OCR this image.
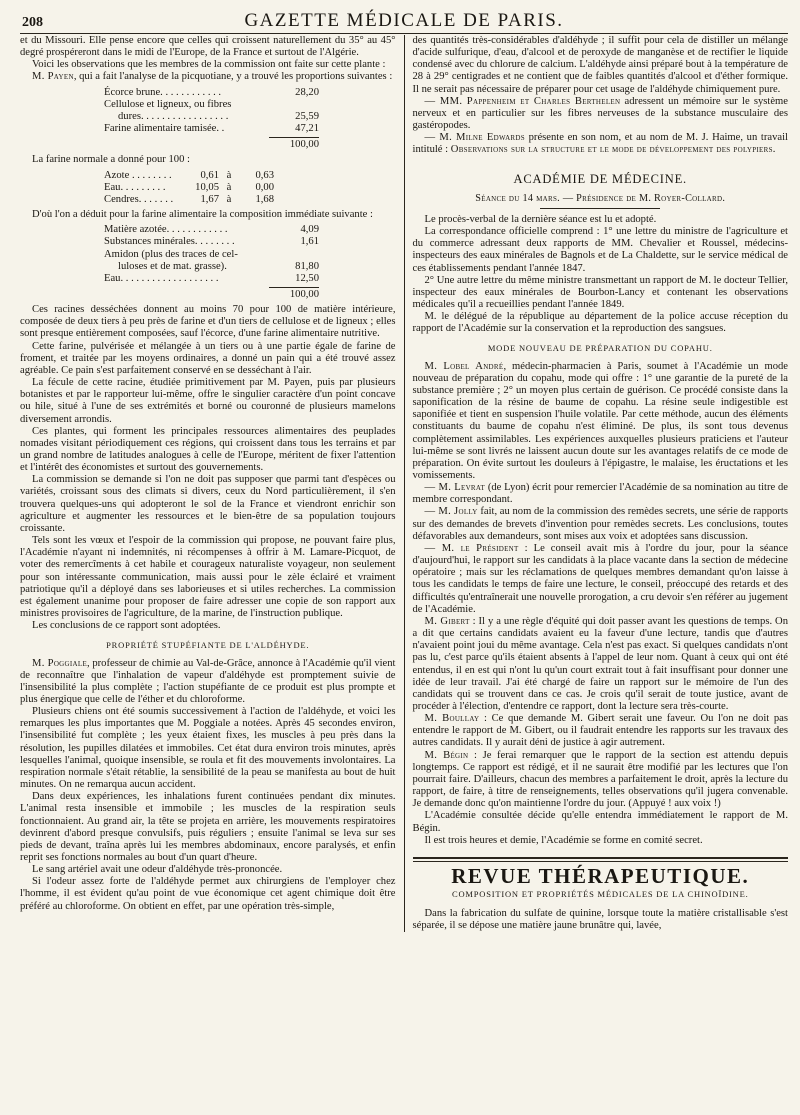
208	GAZETTE MÉDICALE DE PARIS.

et du Missouri. Elle pense encore que celles qui croissent naturellement du 35° au 45° degré prospéreront dans le midi de l'Europe, de la France et surtout de l'Algérie.

Voici les observations que les membres de la commission ont faite sur cette plante :

M. Payen, qui a fait l'analyse de la picquotiane, y a trouvé les proportions suivantes :

Écorce brune. . . . . . . . . . . .	28,20
Cellulose et ligneux, ou fibres
dures. . . . . . . . . . . . . . . . .	25,59
Farine alimentaire tamisée. .	47,21
100,00

La farine normale a donné pour 100 :

Azote . . . . . . . .	0,61 à	0,63
Eau. . . . . . . . .	10,05 à	0,00
Cendres. . . . . . .	1,67 à	1,68

D'où l'on a déduit pour la farine alimentaire la composition immédiate suivante :

Matière azotée. . . . . . . . . . . .	4,09
Substances minérales. . . . . . . .	1,61
Amidon (plus des traces de cel-
luloses et de mat. grasse).	81,80
Eau. . . . . . . . . . . . . . . . . . .	12,50
100,00

Ces racines desséchées donnent au moins 70 pour 100 de matière intérieure, composée de deux tiers à peu près de farine et d'un tiers de cellulose et de ligneux ; elles sont presque entièrement composées, sauf l'écorce, d'une farine alimentaire nutritive.

Cette farine, pulvérisée et mélangée à un tiers ou à une partie égale de farine de froment, et traitée par les moyens ordinaires, a donné un pain qui a été trouvé assez agréable. Ce pain s'est parfaitement conservé en se desséchant à l'air.

La fécule de cette racine, étudiée primitivement par M. Payen, puis par plusieurs botanistes et par le rapporteur lui-même, offre le singulier caractère d'un point concave ou hile, situé à l'une de ses extrémités et borné ou couronné de plusieurs mamelons diversement arrondis.

Ces plantes, qui forment les principales ressources alimentaires des peuplades nomades visitant périodiquement ces régions, qui croissent dans tous les terrains et par un grand nombre de latitudes analogues à celle de l'Europe, méritent de fixer l'attention et l'intérêt des économistes et surtout des gouvernements.

La commission se demande si l'on ne doit pas supposer que parmi tant d'espèces ou variétés, croissant sous des climats si divers, ceux du Nord particulièrement, il s'en trouvera quelques-uns qui adopteront le sol de la France et viendront enrichir son agriculture et augmenter les ressources et le bien-être de sa population toujours croissante.

Tels sont les vœux et l'espoir de la commission qui propose, ne pouvant faire plus, l'Académie n'ayant ni indemnités, ni récompenses à offrir à M. Lamare-Picquot, de voter des remercîments à cet habile et courageux naturaliste voyageur, non seulement pour son intéressante communication, mais aussi pour le zèle éclairé et vraiment patriotique qu'il a déployé dans ses laborieuses et si utiles recherches. La commission est également unanime pour proposer de faire adresser une copie de son rapport aux ministres provisoires de l'agriculture, de la marine, de l'instruction publique.

Les conclusions de ce rapport sont adoptées.

PROPRIÉTÉ STUPÉFIANTE DE L'ALDÉHYDE.

M. Poggiale, professeur de chimie au Val-de-Grâce, annonce à l'Académie qu'il vient de reconnaître que l'inhalation de vapeur d'aldéhyde est promptement suivie de l'insensibilité la plus complète ; l'action stupéfiante de ce produit est plus prompte et plus énergique que celle de l'éther et du chloroforme.

Plusieurs chiens ont été soumis successivement à l'action de l'aldéhyde, et voici les remarques les plus importantes que M. Poggiale a notées. Après 45 secondes environ, l'insensibilité fut complète ; les yeux étaient fixes, les muscles à peu près dans la résolution, les pupilles dilatées et immobiles. Cet état dura environ trois minutes, après lesquelles l'animal, quoique insensible, se roula et fit des mouvements involontaires. La respiration normale s'était rétablie, la sensibilité de la peau se manifesta au bout de huit minutes. On ne remarqua aucun accident.

Dans deux expériences, les inhalations furent continuées pendant dix minutes. L'animal resta insensible et immobile ; les muscles de la respiration seuls fonctionnaient. Au grand air, la tête se projeta en arrière, les mouvements respiratoires devinrent d'abord presque convulsifs, puis réguliers ; ensuite l'animal se leva sur ses pieds de devant, traîna après lui les membres abdominaux, encore paralysés, et enfin reprit ses fonctions normales au bout d'un quart d'heure.

Le sang artériel avait une odeur d'aldéhyde très-prononcée.

Si l'odeur assez forte de l'aldéhyde permet aux chirurgiens de l'employer chez l'homme, il est évident qu'au point de vue économique cet agent chimique doit être préféré au chloroforme. On obtient en effet, par une opération très-simple,

des quantités très-considérables d'aldéhyde ; il suffit pour cela de distiller un mélange d'acide sulfurique, d'eau, d'alcool et de peroxyde de manganèse et de rectifier le liquide condensé avec du chlorure de calcium. L'aldéhyde ainsi préparé bout à la température de 28 à 29° centigrades et ne contient que de faibles quantités d'alcool et d'éther formique. Il ne serait pas nécessaire de préparer pour cet usage de l'aldéhyde chimiquement pure.

— MM. Pappenheim et Charles Berthelen adressent un mémoire sur le système nerveux et en particulier sur les fibres nerveuses de la substance musculaire des gastéropodes.

— M. Milne Edwards présente en son nom, et au nom de M. J. Haime, un travail intitulé : Observations sur la structure et le mode de développement des polypiers.

ACADÉMIE DE MÉDECINE.
Séance du 14 mars. — Présidence de M. Royer-Collard.

Le procès-verbal de la dernière séance est lu et adopté.

La correspondance officielle comprend : 1° une lettre du ministre de l'agriculture et du commerce adressant deux rapports de MM. Chevalier et Roussel, médecins-inspecteurs des eaux minérales de Bagnols et de La Chaldette, sur le service médical de ces établissements pendant l'année 1847.

2° Une autre lettre du même ministre transmettant un rapport de M. le docteur Tellier, inspecteur des eaux minérales de Bourbon-Lancy et contenant les observations médicales qu'il a recueillies pendant l'année 1849.

M. le délégué de la république au département de la police accuse réception du rapport de l'Académie sur la conservation et la reproduction des sangsues.

MODE NOUVEAU DE PRÉPARATION DU COPAHU.

M. Lobel André, médecin-pharmacien à Paris, soumet à l'Académie un mode nouveau de préparation du copahu, mode qui offre : 1° une garantie de la pureté de la substance première ; 2° un moyen plus certain de guérison. Ce procédé consiste dans la saponification de la résine de baume de copahu. La résine seule indigestible est saponifiée et tient en suspension l'huile volatile. Par cette méthode, aucun des éléments constituants du baume de copahu n'est éliminé. De plus, ils sont tous devenus complètement assimilables. Les expériences auxquelles plusieurs praticiens et l'auteur lui-même se sont livrés ne laissent aucun doute sur les avantages relatifs de ce mode de préparation. On évite surtout les douleurs à l'épigastre, le malaise, les éructations et les vomissements.

— M. Levrat (de Lyon) écrit pour remercier l'Académie de sa nomination au titre de membre correspondant.

— M. Jolly fait, au nom de la commission des remèdes secrets, une série de rapports sur des demandes de brevets d'invention pour remèdes secrets. Les conclusions, toutes défavorables aux demandeurs, sont mises aux voix et adoptées sans discussion.

— M. le Président : Le conseil avait mis à l'ordre du jour, pour la séance d'aujourd'hui, le rapport sur les candidats à la place vacante dans la section de médecine opératoire ; mais sur les réclamations de quelques membres demandant qu'on laisse à tous les candidats le temps de faire une lecture, le conseil, préoccupé des retards et des difficultés qu'entraînerait une nouvelle prorogation, a cru devoir s'en référer au jugement de l'Académie.

M. Gibert : Il y a une règle d'équité qui doit passer avant les questions de temps. On a dit que certains candidats avaient eu la faveur d'une lecture, tandis que d'autres n'avaient point joui du même avantage. Cela n'est pas exact. Si quelques candidats n'ont pas lu, c'est parce qu'ils étaient absents à l'appel de leur nom. Quant à ceux qui ont été entendus, il en est qui n'ont lu qu'un court extrait tout à fait insuffisant pour donner une idée de leur travail. J'ai été chargé de faire un rapport sur le mémoire de l'un des candidats qui se trouvent dans ce cas. Je crois qu'il serait de toute justice, avant de procéder à l'élection, d'entendre ce rapport, dont la lecture sera très-courte.

M. Boullay : Ce que demande M. Gibert serait une faveur. Ou l'on ne doit pas entendre le rapport de M. Gibert, ou il faudrait entendre les rapports sur les travaux des autres candidats. Il y aurait déni de justice à agir autrement.

M. Bégin : Je ferai remarquer que le rapport de la section est attendu depuis longtemps. Ce rapport est rédigé, et il ne saurait être modifié par les lectures que l'on pourrait faire. D'ailleurs, chacun des membres a parfaitement le droit, après la lecture du rapport, de faire, à titre de renseignements, telles observations qu'il jugera convenable. Je demande donc qu'on maintienne l'ordre du jour. (Appuyé ! aux voix !)

L'Académie consultée décide qu'elle entendra immédiatement le rapport de M. Bégin.

Il est trois heures et demie, l'Académie se forme en comité secret.

REVUE THÉRAPEUTIQUE.
COMPOSITION ET PROPRIÉTÉS MÉDICALES DE LA CHINOÏDINE.

Dans la fabrication du sulfate de quinine, lorsque toute la matière cristallisable s'est séparée, il se dépose une matière jaune brunâtre qui, lavée,
